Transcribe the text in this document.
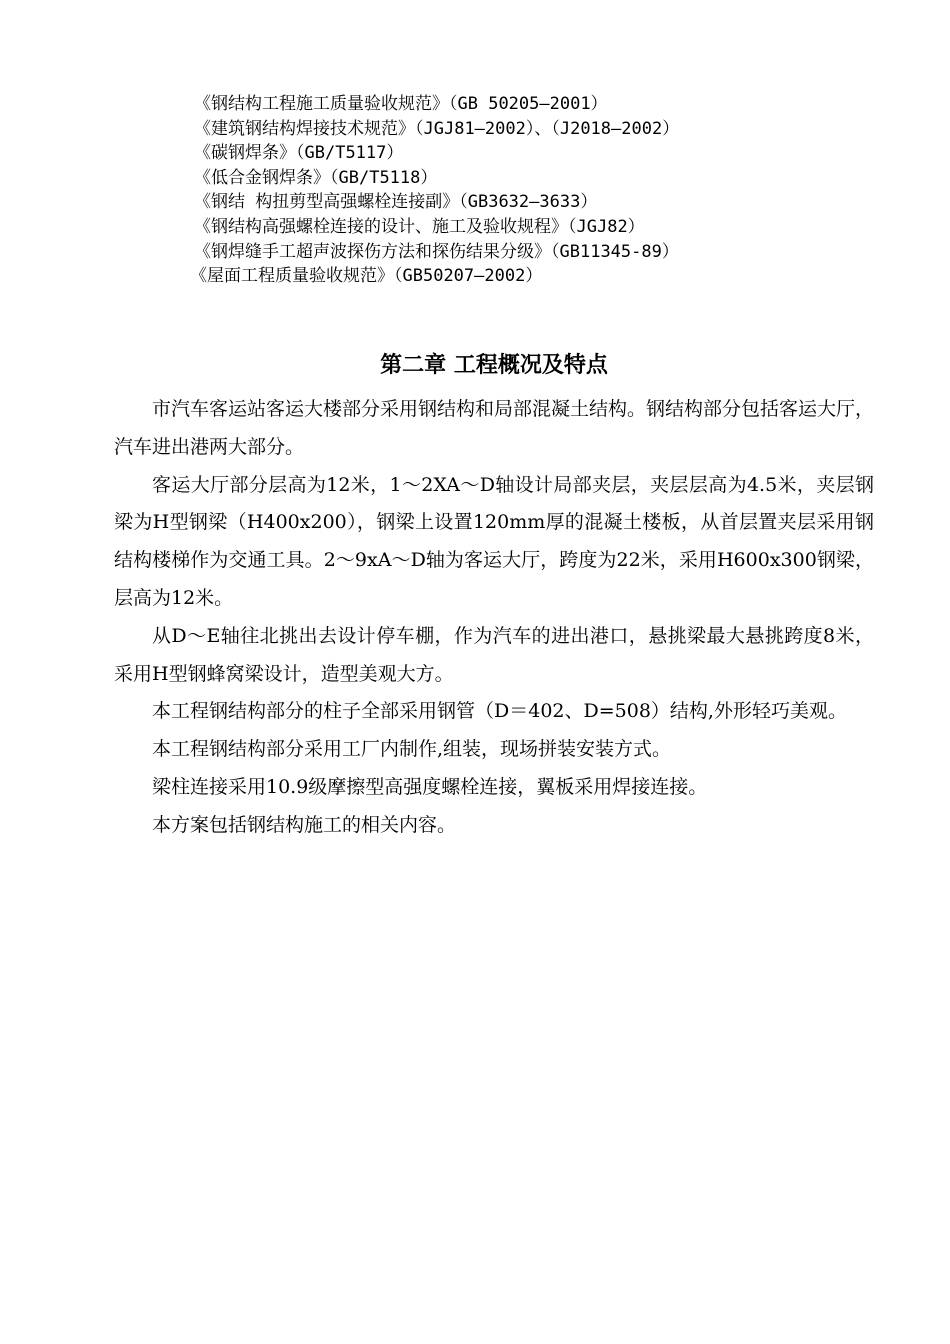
《钢结构工程施工质量验收规范》（GB 50205—2001）
《建筑钢结构焊接技术规范》（JGJ81—2002）、（J2018—2002）
《碳钢焊条》（GB/T5117）
《低合金钢焊条》（GB/T5118）
《钢结 构扭剪型高强螺栓连接副》（GB3632—3633）
《钢结构高强螺栓连接的设计、施工及验收规程》（JGJ82）
《钢焊缝手工超声波探伤方法和探伤结果分级》（GB11345-89）
《屋面工程质量验收规范》（GB50207—2002）
第二章 工程概况及特点

市汽车客运站客运大楼部分采用钢结构和局部混凝土结构。钢结构部分包括客运大厅，汽车进出港两大部分。

客运大厅部分层高为12米，1～2XA～D轴设计局部夹层，夹层层高为4.5米，夹层钢梁为H型钢梁（H400x200），钢梁上设置120mm厚的混凝土楼板，从首层置夹层采用钢结构楼梯作为交通工具。2～9xA～D轴为客运大厅，跨度为22米，采用H600x300钢梁，层高为12米。

从D～E轴往北挑出去设计停车棚，作为汽车的进出港口，悬挑梁最大悬挑跨度8米，采用H型钢蜂窝梁设计，造型美观大方。

本工程钢结构部分的柱子全部采用钢管（D＝402、D=508）结构,外形轻巧美观。

本工程钢结构部分采用工厂内制作,组装，现场拼装安装方式。

梁柱连接采用10.9级摩擦型高强度螺栓连接，翼板采用焊接连接。

本方案包括钢结构施工的相关内容。
